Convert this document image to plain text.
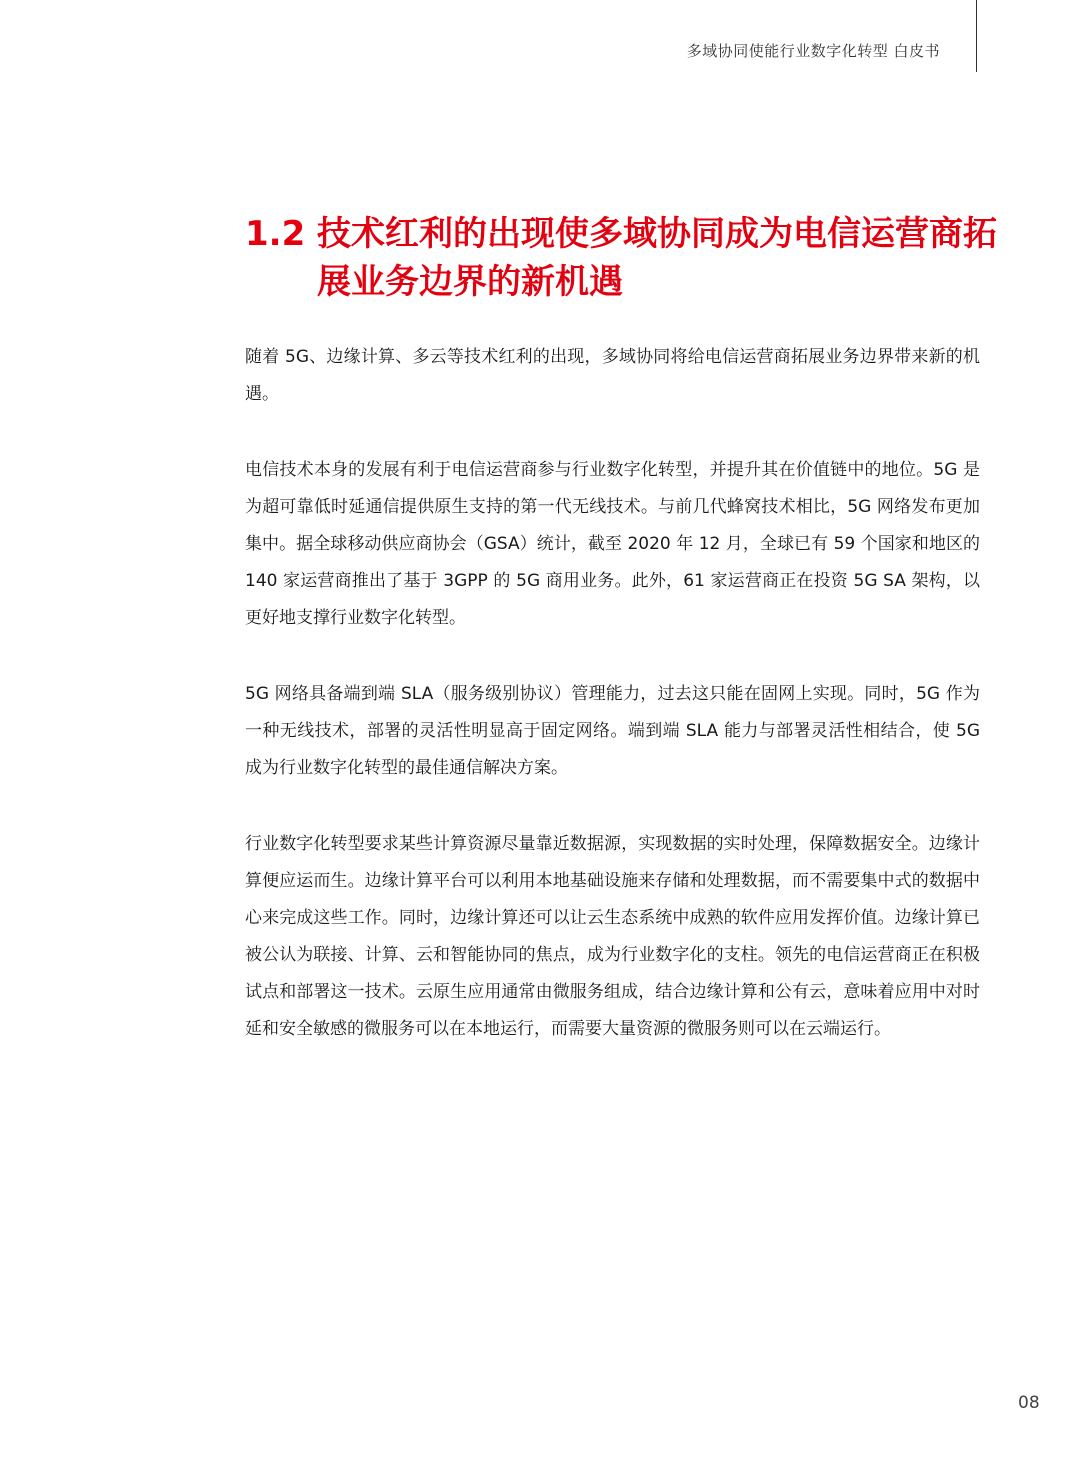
多域协同使能行业数字化转型 白皮书
1.2 技术红利的出现使多域协同成为电信运营商拓
展业务边界的新机遇

随着 5G、边缘计算、多云等技术红利的出现，多域协同将给电信运营商拓展业务边界带来新的机遇。

电信技术本身的发展有利于电信运营商参与行业数字化转型，并提升其在价值链中的地位。5G 是为超可靠低时延通信提供原生支持的第一代无线技术。与前几代蜂窝技术相比，5G 网络发布更加集中。据全球移动供应商协会（GSA）统计，截至 2020 年 12 月，全球已有 59 个国家和地区的 140 家运营商推出了基于 3GPP 的 5G 商用业务。此外，61 家运营商正在投资 5G SA 架构，以更好地支撑行业数字化转型。

5G 网络具备端到端 SLA（服务级别协议）管理能力，过去这只能在固网上实现。同时，5G 作为一种无线技术，部署的灵活性明显高于固定网络。端到端 SLA 能力与部署灵活性相结合，使 5G 成为行业数字化转型的最佳通信解决方案。

行业数字化转型要求某些计算资源尽量靠近数据源，实现数据的实时处理，保障数据安全。边缘计算便应运而生。边缘计算平台可以利用本地基础设施来存储和处理数据，而不需要集中式的数据中心来完成这些工作。同时，边缘计算还可以让云生态系统中成熟的软件应用发挥价值。边缘计算已被公认为联接、计算、云和智能协同的焦点，成为行业数字化的支柱。领先的电信运营商正在积极试点和部署这一技术。云原生应用通常由微服务组成，结合边缘计算和公有云，意味着应用中对时延和安全敏感的微服务可以在本地运行，而需要大量资源的微服务则可以在云端运行。

08
